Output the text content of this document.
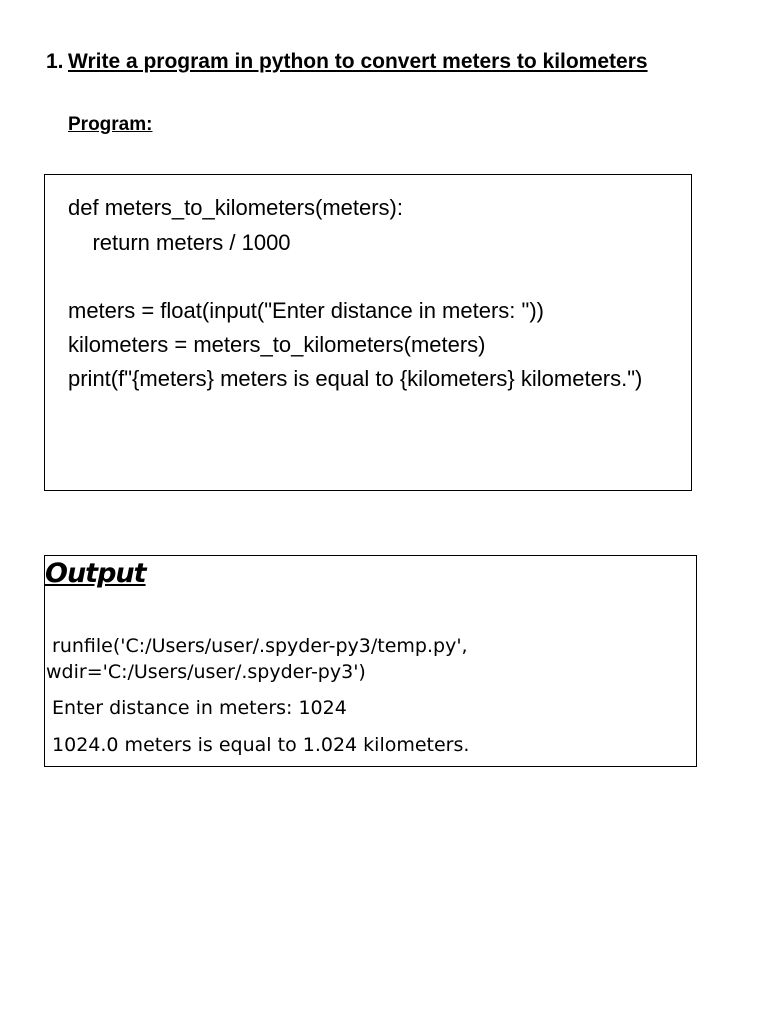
1. Write a program in python to convert meters to kilometers
Program:
def meters_to_kilometers(meters):
return meters / 1000
meters = float(input("Enter distance in meters: "))
kilometers = meters_to_kilometers(meters)
print(f"{meters} meters is equal to {kilometers} kilometers.")
Output
runfile('C:/Users/user/.spyder-py3/temp.py',
wdir='C:/Users/user/.spyder-py3')
Enter distance in meters: 1024
1024.0 meters is equal to 1.024 kilometers.
